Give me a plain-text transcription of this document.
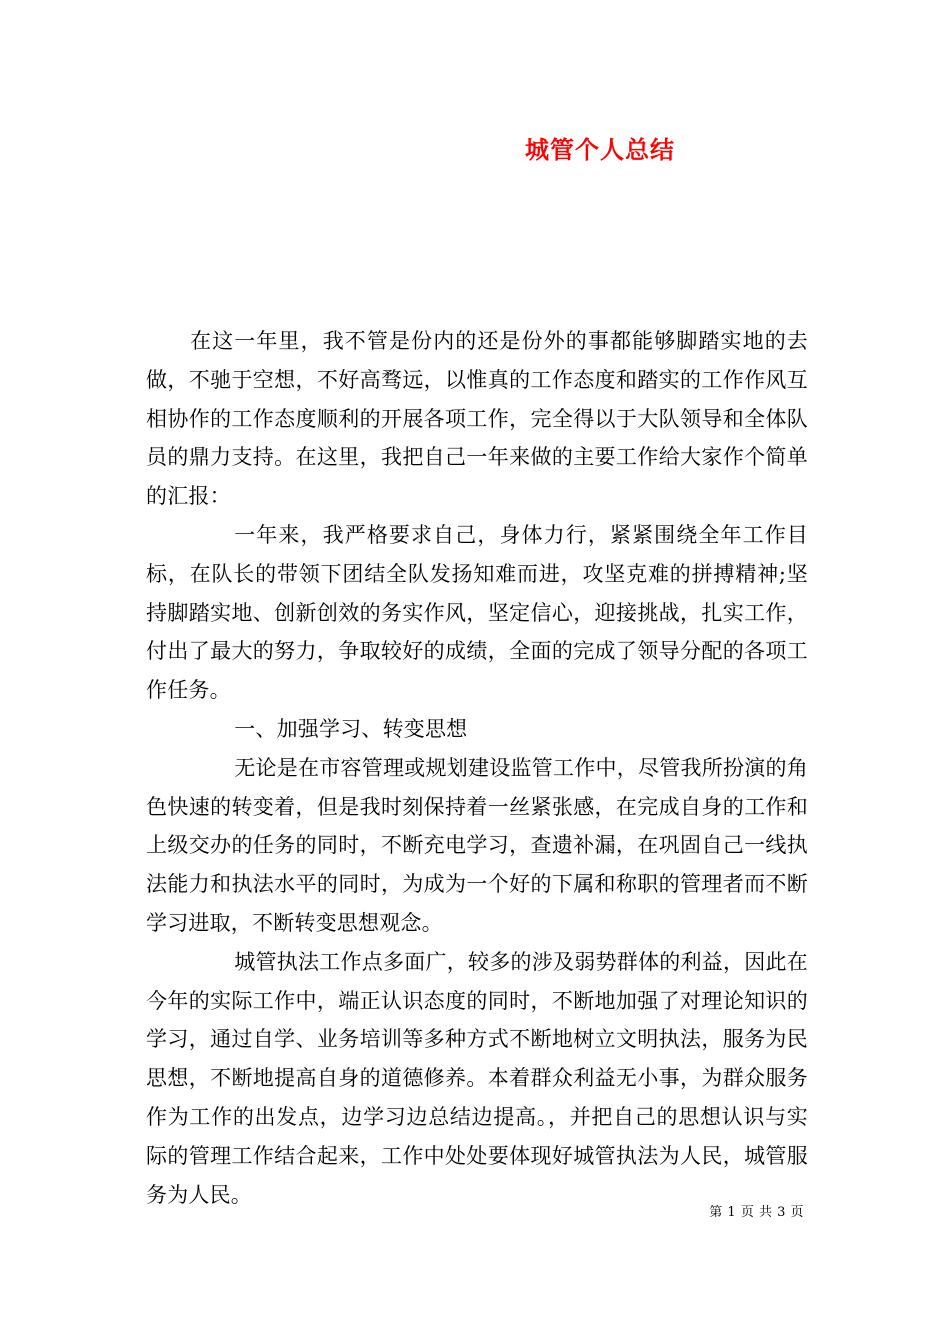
城管个人总结

在这一年里，我不管是份内的还是份外的事都能够脚踏实地的去做，不驰于空想，不好高骛远，以惟真的工作态度和踏实的工作作风互相协作的工作态度顺利的开展各项工作，完全得以于大队领导和全体队员的鼎力支持。在这里，我把自己一年来做的主要工作给大家作个简单的汇报：

一年来，我严格要求自己，身体力行，紧紧围绕全年工作目标，在队长的带领下团结全队发扬知难而进，攻坚克难的拼搏精神;坚持脚踏实地、创新创效的务实作风，坚定信心，迎接挑战，扎实工作，付出了最大的努力，争取较好的成绩，全面的完成了领导分配的各项工作任务。

一、加强学习、转变思想

无论是在市容管理或规划建设监管工作中，尽管我所扮演的角色快速的转变着，但是我时刻保持着一丝紧张感，在完成自身的工作和上级交办的任务的同时，不断充电学习，查遗补漏，在巩固自己一线执法能力和执法水平的同时，为成为一个好的下属和称职的管理者而不断学习进取，不断转变思想观念。

城管执法工作点多面广，较多的涉及弱势群体的利益，因此在今年的实际工作中，端正认识态度的同时，不断地加强了对理论知识的学习，通过自学、业务培训等多种方式不断地树立文明执法，服务为民思想，不断地提高自身的道德修养。本着群众利益无小事，为群众服务作为工作的出发点，边学习边总结边提高。，并把自己的思想认识与实际的管理工作结合起来，工作中处处要体现好城管执法为人民，城管服务为人民。

第 1 页 共 3 页
